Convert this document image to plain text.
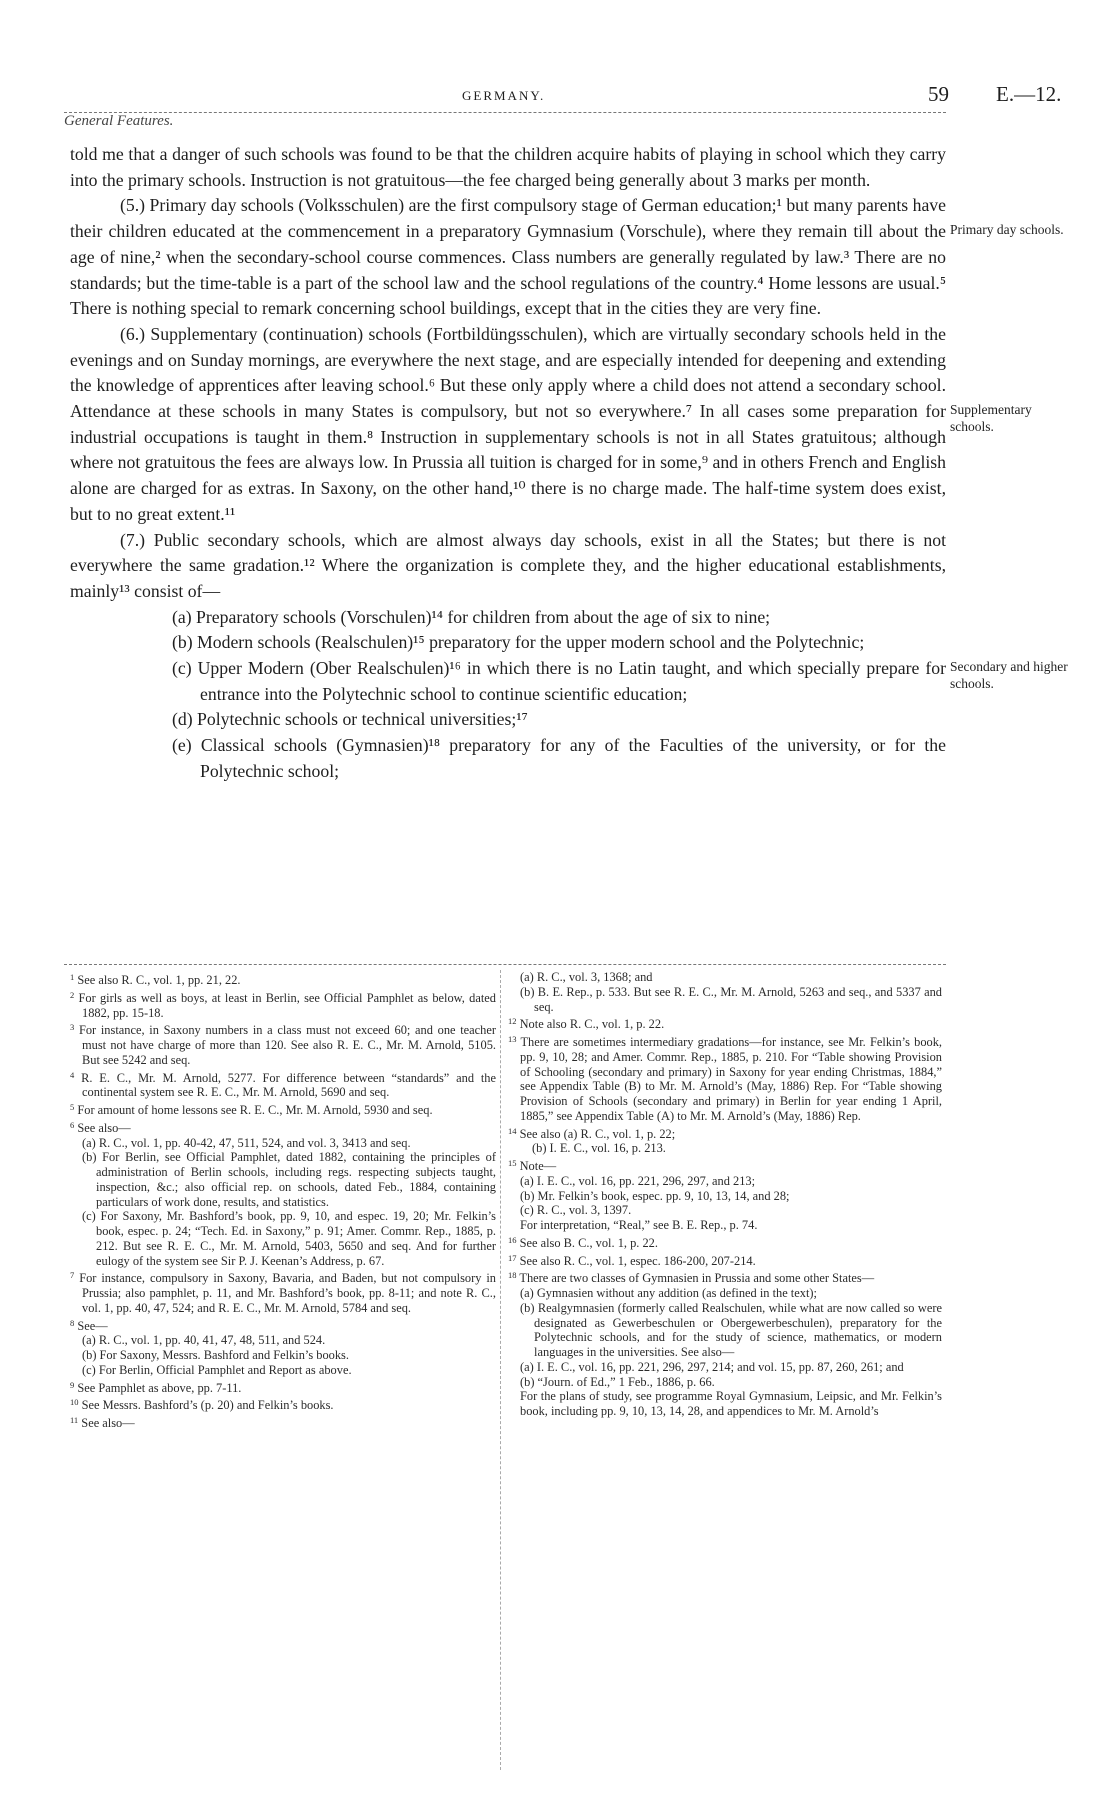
GERMANY.	59 E.—12.
General Features.

told me that a danger of such schools was found to be that the children acquire habits of playing in school which they carry into the primary schools. Instruction is not gratuitous—the fee charged being generally about 3 marks per month.

(5.) Primary day schools (Volksschulen) are the first compulsory stage of German education;¹ but many parents have their children educated at the commencement in a preparatory Gymnasium (Vorschule), where they remain till about the age of nine,² when the secondary-school course commences. Class numbers are generally regulated by law.³ There are no standards; but the time-table is a part of the school law and the school regulations of the country.⁴ Home lessons are usual.⁵ There is nothing special to remark concerning school buildings, except that in the cities they are very fine.

(6.) Supplementary (continuation) schools (Fortbildüngsschulen), which are virtually secondary schools held in the evenings and on Sunday mornings, are everywhere the next stage, and are especially intended for deepening and extending the knowledge of apprentices after leaving school.⁶ But these only apply where a child does not attend a secondary school. Attendance at these schools in many States is compulsory, but not so everywhere.⁷ In all cases some preparation for industrial occupations is taught in them.⁸ Instruction in supplementary schools is not in all States gratuitous; although where not gratuitous the fees are always low. In Prussia all tuition is charged for in some,⁹ and in others French and English alone are charged for as extras. In Saxony, on the other hand,¹⁰ there is no charge made. The half-time system does exist, but to no great extent.¹¹

(7.) Public secondary schools, which are almost always day schools, exist in all the States; but there is not everywhere the same gradation.¹² Where the organization is complete they, and the higher educational establishments, mainly¹³ consist of—

(a) Preparatory schools (Vorschulen)¹⁴ for children from about the age of six to nine;
(b) Modern schools (Realschulen)¹⁵ preparatory for the upper modern school and the Polytechnic;
(c) Upper Modern (Ober Realschulen)¹⁶ in which there is no Latin taught, and which specially prepare for entrance into the Polytechnic school to continue scientific education;
(d) Polytechnic schools or technical universities;¹⁷
(e) Classical schools (Gymnasien)¹⁸ preparatory for any of the Faculties of the university, or for the Polytechnic school;
Primary day schools.
Supplementary schools.
Secondary and higher schools.

$^1$ See also R. C., vol. 1, pp. 21, 22.

$^2$ For girls as well as boys, at least in Berlin, see Official Pamphlet as below, dated 1882, pp. 15-18.

$^3$ For instance, in Saxony numbers in a class must not exceed 60; and one teacher must not have charge of more than 120. See also R. E. C., Mr. M. Arnold, 5105. But see 5242 and seq.

$^4$ R. E. C., Mr. M. Arnold, 5277. For difference between “standards” and the continental system see R. E. C., Mr. M. Arnold, 5690 and seq.

$^5$ For amount of home lessons see R. E. C., Mr. M. Arnold, 5930 and seq.

$^6$ See also—

(a) R. C., vol. 1, pp. 40-42, 47, 511, 524, and vol. 3, 3413 and seq.

(b) For Berlin, see Official Pamphlet, dated 1882, containing the principles of administration of Berlin schools, including regs. respecting subjects taught, inspection, &c.; also official rep. on schools, dated Feb., 1884, containing particulars of work done, results, and statistics.

(c) For Saxony, Mr. Bashford’s book, pp. 9, 10, and espec. 19, 20; Mr. Felkin’s book, espec. p. 24; “Tech. Ed. in Saxony,” p. 91; Amer. Commr. Rep., 1885, p. 212. But see R. E. C., Mr. M. Arnold, 5403, 5650 and seq. And for further eulogy of the system see Sir P. J. Keenan’s Address, p. 67.

$^7$ For instance, compulsory in Saxony, Bavaria, and Baden, but not compulsory in Prussia; also pamphlet, p. 11, and Mr. Bashford’s book, pp. 8-11; and note R. C., vol. 1, pp. 40, 47, 524; and R. E. C., Mr. M. Arnold, 5784 and seq.

$^8$ See—

(a) R. C., vol. 1, pp. 40, 41, 47, 48, 511, and 524.

(b) For Saxony, Messrs. Bashford and Felkin’s books.

(c) For Berlin, Official Pamphlet and Report as above.

$^9$ See Pamphlet as above, pp. 7-11.

$^{10}$ See Messrs. Bashford’s (p. 20) and Felkin’s books.

$^{11}$ See also—

(a) R. C., vol. 3, 1368; and

(b) B. E. Rep., p. 533. But see R. E. C., Mr. M. Arnold, 5263 and seq., and 5337 and seq.

$^{12}$ Note also R. C., vol. 1, p. 22.

$^{13}$ There are sometimes intermediary gradations—for instance, see Mr. Felkin’s book, pp. 9, 10, 28; and Amer. Commr. Rep., 1885, p. 210. For “Table showing Provision of Schooling (secondary and primary) in Saxony for year ending Christmas, 1884,” see Appendix Table (B) to Mr. M. Arnold’s (May, 1886) Rep. For “Table showing Provision of Schools (secondary and primary) in Berlin for year ending 1 April, 1885,” see Appendix Table (A) to Mr. M. Arnold’s (May, 1886) Rep.

$^{14}$ See also (a) R. C., vol. 1, p. 22;

(b) I. E. C., vol. 16, p. 213.

$^{15}$ Note—

(a) I. E. C., vol. 16, pp. 221, 296, 297, and 213;

(b) Mr. Felkin’s book, espec. pp. 9, 10, 13, 14, and 28;

(c) R. C., vol. 3, 1397.

For interpretation, “Real,” see B. E. Rep., p. 74.

$^{16}$ See also B. C., vol. 1, p. 22.

$^{17}$ See also R. C., vol. 1, espec. 186-200, 207-214.

$^{18}$ There are two classes of Gymnasien in Prussia and some other States—

(a) Gymnasien without any addition (as defined in the text);

(b) Realgymnasien (formerly called Realschulen, while what are now called so were designated as Gewerbeschulen or Obergewerbeschulen), preparatory for the Polytechnic schools, and for the study of science, mathematics, or modern languages in the universities. See also—

(a) I. E. C., vol. 16, pp. 221, 296, 297, 214; and vol. 15, pp. 87, 260, 261; and

(b) “Journ. of Ed.,” 1 Feb., 1886, p. 66.

For the plans of study, see programme Royal Gymnasium, Leipsic, and Mr. Felkin’s book, including pp. 9, 10, 13, 14, 28, and appendices to Mr. M. Arnold’s
